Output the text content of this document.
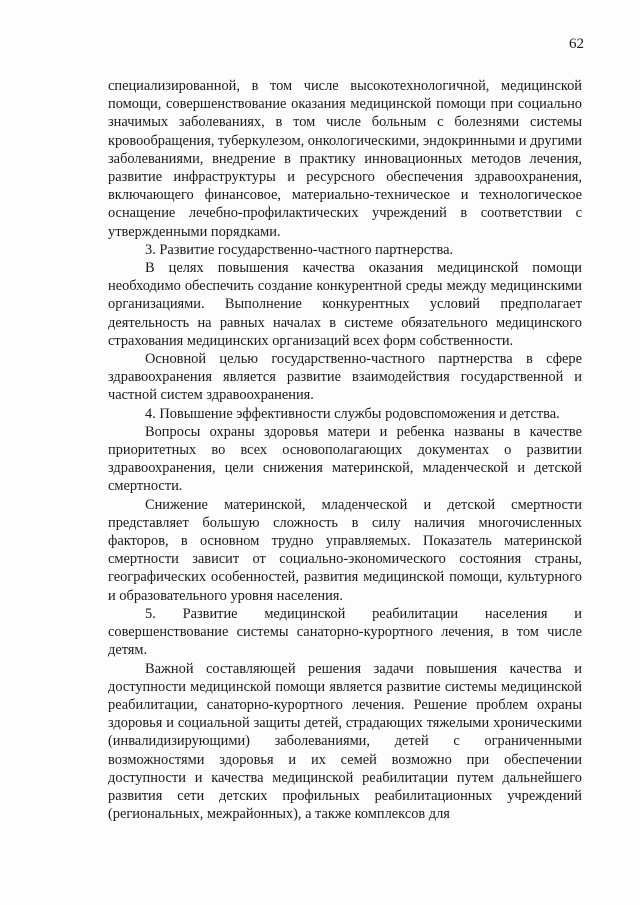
62

специализированной, в том числе высокотехнологичной, медицинской помощи, совершенствование оказания медицинской помощи при социально значимых заболеваниях, в том числе больным с болезнями системы кровообращения, туберкулезом, онкологическими, эндокринными и другими заболеваниями, внедрение в практику инновационных методов лечения, развитие инфраструктуры и ресурсного обеспечения здравоохранения, включающего финансовое, материально-техническое и технологическое оснащение лечебно-профилактических учреждений в соответствии с утвержденными порядками.

3. Развитие государственно-частного партнерства.

В целях повышения качества оказания медицинской помощи необходимо обеспечить создание конкурентной среды между медицинскими организациями. Выполнение конкурентных условий предполагает деятельность на равных началах в системе обязательного медицинского страхования медицинских организаций всех форм собственности.

Основной целью государственно-частного партнерства в сфере здравоохранения является развитие взаимодействия государственной и частной систем здравоохранения.

4. Повышение эффективности службы родовспоможения и детства.

Вопросы охраны здоровья матери и ребенка названы в качестве приоритетных во всех основополагающих документах о развитии здравоохранения, цели снижения материнской, младенческой и детской смертности.

Снижение материнской, младенческой и детской смертности представляет большую сложность в силу наличия многочисленных факторов, в основном трудно управляемых. Показатель материнской смертности зависит от социально-экономического состояния страны, географических особенностей, развития медицинской помощи, культурного и образовательного уровня населения.

5. Развитие медицинской реабилитации населения и совершенствование системы санаторно-курортного лечения, в том числе детям.

Важной составляющей решения задачи повышения качества и доступности медицинской помощи является развитие системы медицинской реабилитации, санаторно-курортного лечения. Решение проблем охраны здоровья и социальной защиты детей, страдающих тяжелыми хроническими (инвалидизирующими) заболеваниями, детей с ограниченными возможностями здоровья и их семей возможно при обеспечении доступности и качества медицинской реабилитации путем дальнейшего развития сети детских профильных реабилитационных учреждений (региональных, межрайонных), а также комплексов для
